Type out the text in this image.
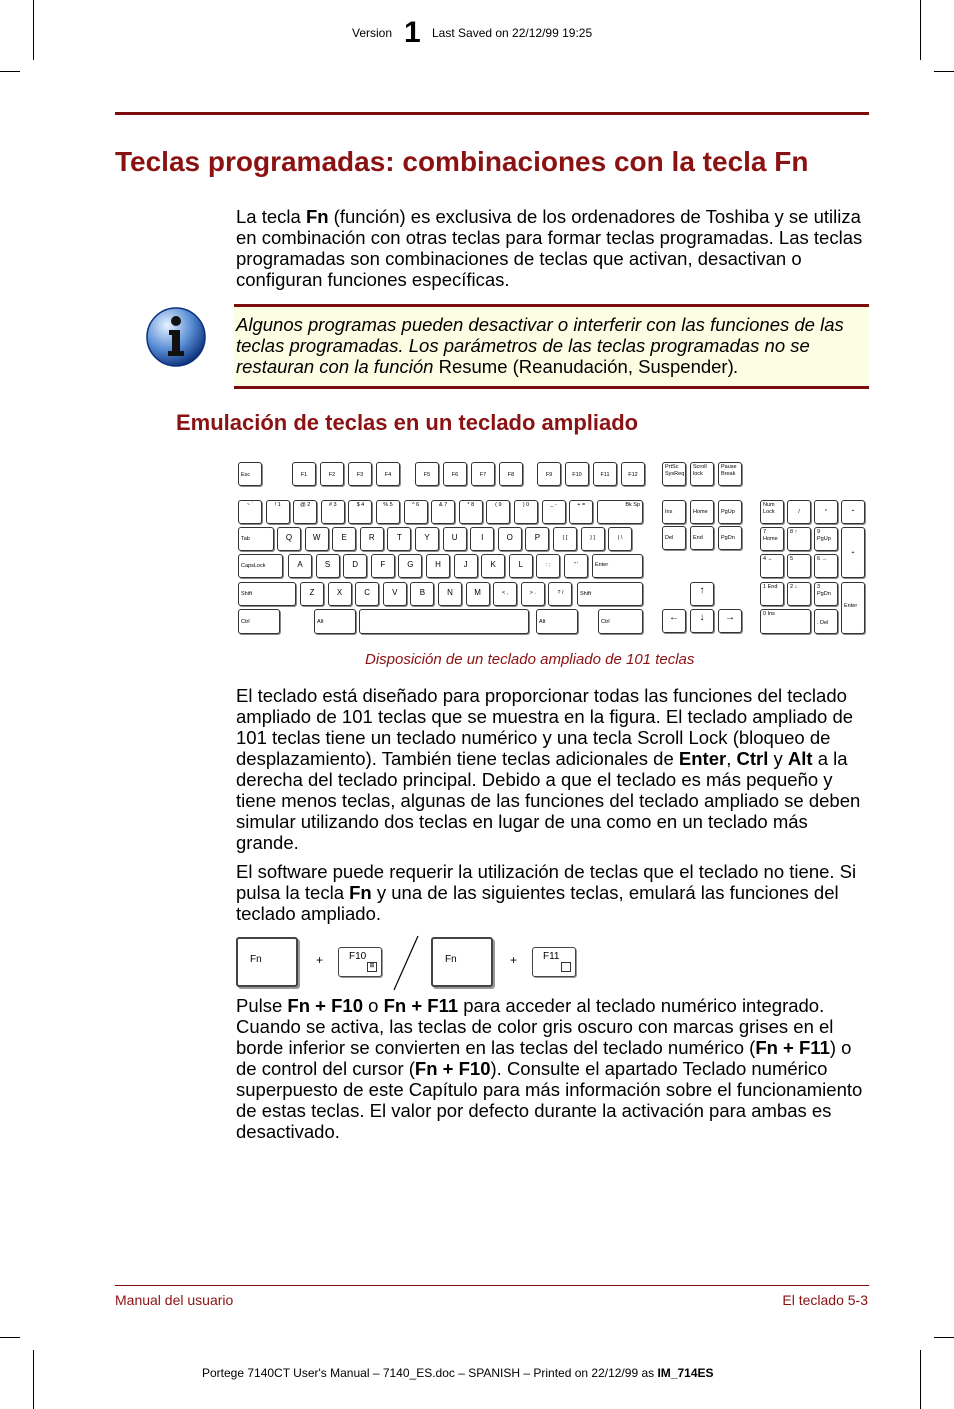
Version 1 Last Saved on 22/12/99 19:25
Teclas programadas: combinaciones con la tecla Fn
La tecla Fn (función) es exclusiva de los ordenadores de Toshiba y se utiliza en combinación con otras teclas para formar teclas programadas. Las teclas programadas son combinaciones de teclas que activan, desactivan o configuran funciones específicas.

Algunos programas pueden desactivar o interferir con las funciones de las teclas programadas. Los parámetros de las teclas programadas no se restauran con la función Resume (Reanudación, Suspender).

Emulación de teclas en un teclado ampliado
Esc	F1	F2	F3	F4	F5	F6	F7	F8	F9	F10	F11	F12
PrtSc SysReq
Scroll lock
Pause Break
~ `	! 1	@ 2	# 3	$ 4	% 5	^ 6	& 7	* 8	( 9	) 0	_ -	+ =	Bk Sp
Tab	Q	W	E	R	T	Y	U	I	O	P	{ [	} ]	| \
CapsLock	A	S	D	F	G	H	J	K	L	: ;	" '	Enter
Shift	Z	X	C	V	B	N	M	< ,	> .	? /	Shift
Ctrl	Alt	Alt	Ctrl
Ins	Home	PgUp
Del	End	PgDn
↑
←	↓	→
Num Lock	/	*	-
7 Home
8 ↑	9 PgUp
+
4 ←	5	6 →
1 End	2 ↓	3 PgDn
Enter
0 Ins
. Del
Disposición de un teclado ampliado de 101 teclas
El teclado está diseñado para proporcionar todas las funciones del teclado ampliado de 101 teclas que se muestra en la figura. El teclado ampliado de 101 teclas tiene un teclado numérico y una tecla Scroll Lock (bloqueo de desplazamiento). También tiene teclas adicionales de Enter, Ctrl y Alt a la derecha del teclado principal. Debido a que el teclado es más pequeño y tiene menos teclas, algunas de las funciones del teclado ampliado se deben simular utilizando dos teclas en lugar de una como en un teclado más grande.
El software puede requerir la utilización de teclas que el teclado no tiene. Si pulsa la tecla Fn y una de las siguientes teclas, emulará las funciones del teclado ampliado.
Fn	+	F10
⊞
Fn	+	F11
Pulse Fn + F10 o Fn + F11 para acceder al teclado numérico integrado. Cuando se activa, las teclas de color gris oscuro con marcas grises en el borde inferior se convierten en las teclas del teclado numérico (Fn + F11) o de control del cursor (Fn + F10). Consulte el apartado Teclado numérico superpuesto de este Capítulo para más información sobre el funcionamiento de estas teclas. El valor por defecto durante la activación para ambas es desactivado.
Manual del usuario	El teclado 5-3
Portege 7140CT User's Manual – 7140_ES.doc – SPANISH – Printed on 22/12/99 as IM_714ES
